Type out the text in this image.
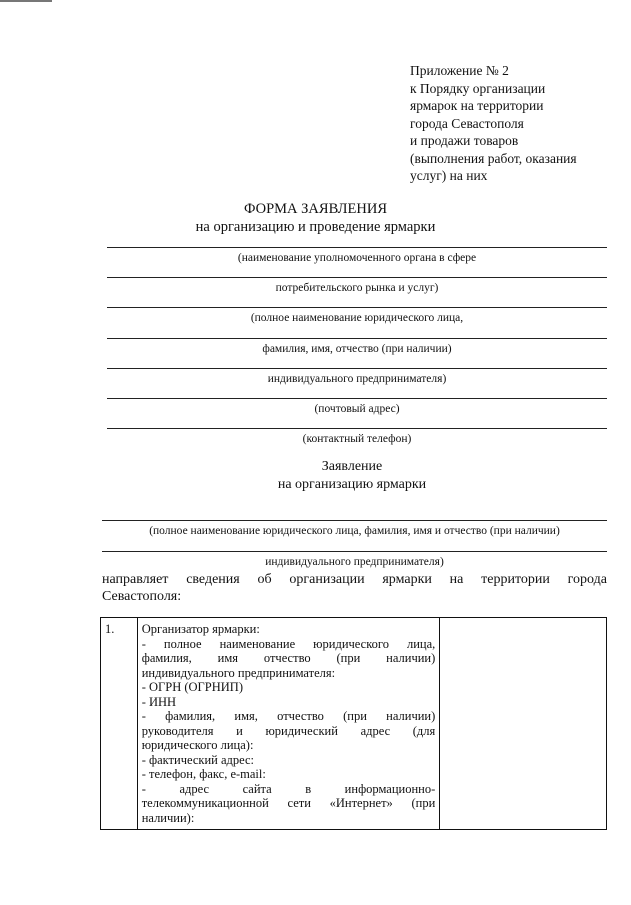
Приложение № 2
к Порядку организации
ярмарок на территории
города Севастополя
и продажи товаров
(выполнения работ, оказания
услуг) на них
ФОРМА ЗАЯВЛЕНИЯ
на организацию и проведение ярмарки
(наименование уполномоченного органа в сфере
потребительского рынка и услуг)
(полное наименование юридического лица,
фамилия, имя, отчество (при наличии)
индивидуального предпринимателя)
(почтовый адрес)
(контактный телефон)
Заявление
на организацию ярмарки
(полное наименование юридического лица, фамилия, имя и отчество (при наличии)
индивидуального предпринимателя)
направляет сведения об организации ярмарки на территории города
Севастополя:
1.	Организатор ярмарки:
- полное наименование юридического лица,
фамилия, имя отчество (при наличии)
индивидуального предпринимателя:
- ОГРН (ОГРНИП)
- ИНН
- фамилия, имя, отчество (при наличии)
руководителя и юридический адрес (для
юридического лица):
- фактический адрес:
- телефон, факс, e-mail:
- адрес сайта в информационно-
телекоммуникационной сети «Интернет» (при
наличии):
